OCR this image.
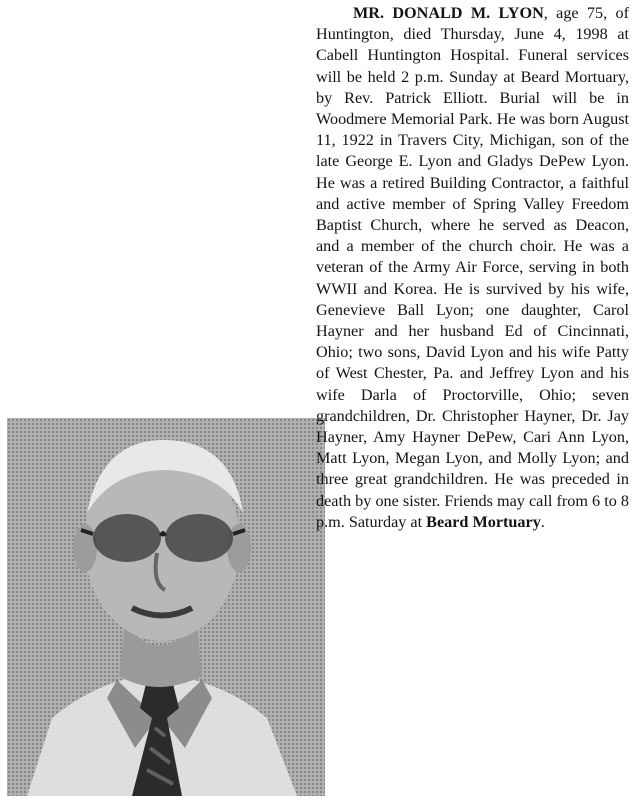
MR. DONALD M. LYON, age 75, of Huntington, died Thursday, June 4, 1998 at Cabell Huntington Hospital. Funeral services will be held 2 p.m. Sunday at Beard Mortuary, by Rev. Patrick Elliott. Burial will be in Woodmere Memorial Park. He was born August 11, 1922 in Travers City, Michigan, son of the late George E. Lyon and Gladys DePew Lyon. He was a retired Building Contractor, a faithful and active member of Spring Valley Freedom Baptist Church, where he served as Deacon, and a member of the church choir. He was a veteran of the Army Air Force, serving in both WWII and Korea. He is survived by his wife, Genevieve Ball Lyon; one daughter, Carol Hayner and her husband Ed of Cincinnati, Ohio; two sons, David Lyon and his wife Patty of West Chester, Pa. and Jeffrey Lyon and his wife Darla of Proctorville, Ohio; seven grandchildren, Dr. Christopher Hayner, Dr. Jay Hayner, Amy Hayner DePew, Cari Ann Lyon, Matt Lyon, Megan Lyon, and Molly Lyon; and three great grandchildren. He was preceded in death by one sister. Friends may call from 6 to 8 p.m. Saturday at Beard Mortuary.
